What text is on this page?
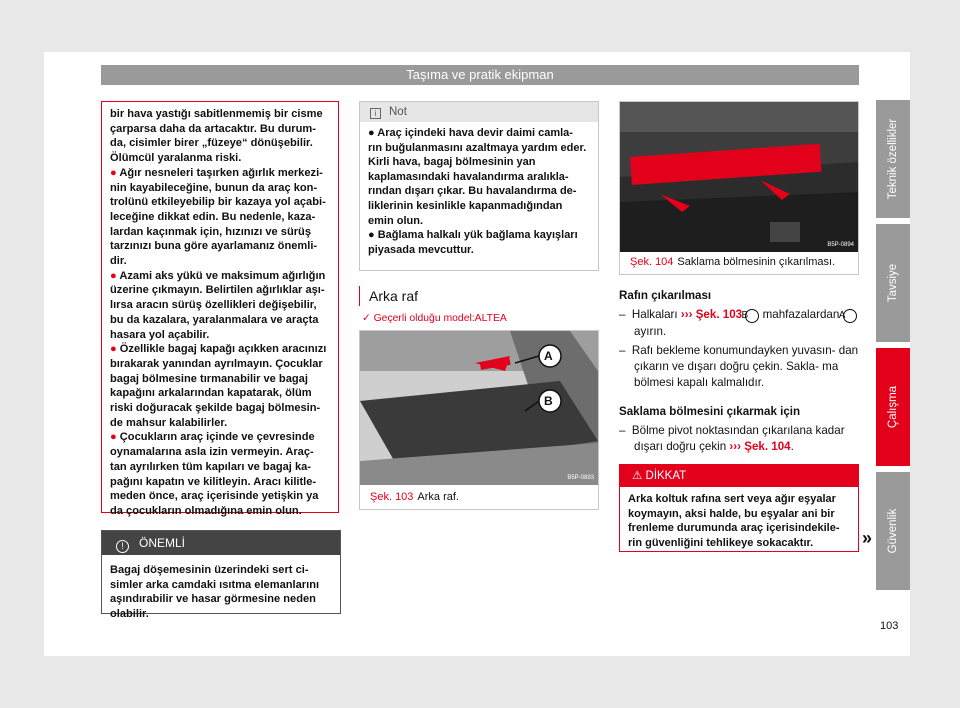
Taşıma ve pratik ekipman

bir hava yastığı sabitlenmemiş bir cisme çarparsa daha da artacaktır. Bu durum- da, cisimler birer „füzeye“ dönüşebilir. Ölümcül yaralanma riski.

● Ağır nesneleri taşırken ağırlık merkezi- nin kayabileceğine, bunun da araç kon- trolünü etkileyebilip bir kazaya yol açabi- leceğine dikkat edin. Bu nedenle, kaza- lardan kaçınmak için, hızınızı ve sürüş tarzınızı buna göre ayarlamanız önemli- dir.

● Azami aks yükü ve maksimum ağırlığın üzerine çıkmayın. Belirtilen ağırlıklar aşı- lırsa aracın sürüş özellikleri değişebilir, bu da kazalara, yaralanmalara ve araçta hasara yol açabilir.

● Özellikle bagaj kapağı açıkken aracınızı bırakarak yanından ayrılmayın. Çocuklar bagaj bölmesine tırmanabilir ve bagaj kapağını arkalarından kapatarak, ölüm riski doğuracak şekilde bagaj bölmesin- de mahsur kalabilirler.

● Çocukların araç içinde ve çevresinde oynamalarına asla izin vermeyin. Araç- tan ayrılırken tüm kapıları ve bagaj ka- pağını kapatın ve kilitleyin. Aracı kilitle- meden önce, araç içerisinde yetişkin ya da çocukların olmadığına emin olun.

! ÖNEMLİ
Bagaj döşemesinin üzerindeki sert ci- simler arka camdaki ısıtma elemanlarını aşındırabilir ve hasar görmesine neden olabilir.
i Not

● Araç içindeki hava devir daimi camla- rın buğulanmasını azaltmaya yardım eder. Kirli hava, bagaj bölmesinin yan kaplamasındaki havalandırma aralıkla- rından dışarı çıkar. Bu havalandırma de- liklerinin kesinlikle kapanmadığından emin olun.

● Bağlama halkalı yük bağlama kayışları piyasada mevcuttur.

Arka raf
✓ Geçerli olduğu model:ALTEA
A
B
B5P-0893
Şek. 103 Arka raf.
B5P-0894
Şek. 104 Saklama bölmesinin çıkarılması.

Rafın çıkarılması

–  Halkaları ››› Şek. 103 B mahfazalardan A ayırın.

–  Rafı bekleme konumundayken yuvasın- dan çıkarın ve dışarı doğru çekin. Sakla- ma bölmesi kapalı kalmalıdır.

Saklama bölmesini çıkarmak için

–  Bölme pivot noktasından çıkarılana kadar dışarı doğru çekin ››› Şek. 104.

⚠ DİKKAT
Arka koltuk rafına sert veya ağır eşyalar koymayın, aksi halde, bu eşyalar ani bir frenleme durumunda araç içerisindekile- rin güvenliğini tehlikeye sokacaktır.	»
Teknik özellikler
Tavsiye
Çalışma
Güvenlik
103
